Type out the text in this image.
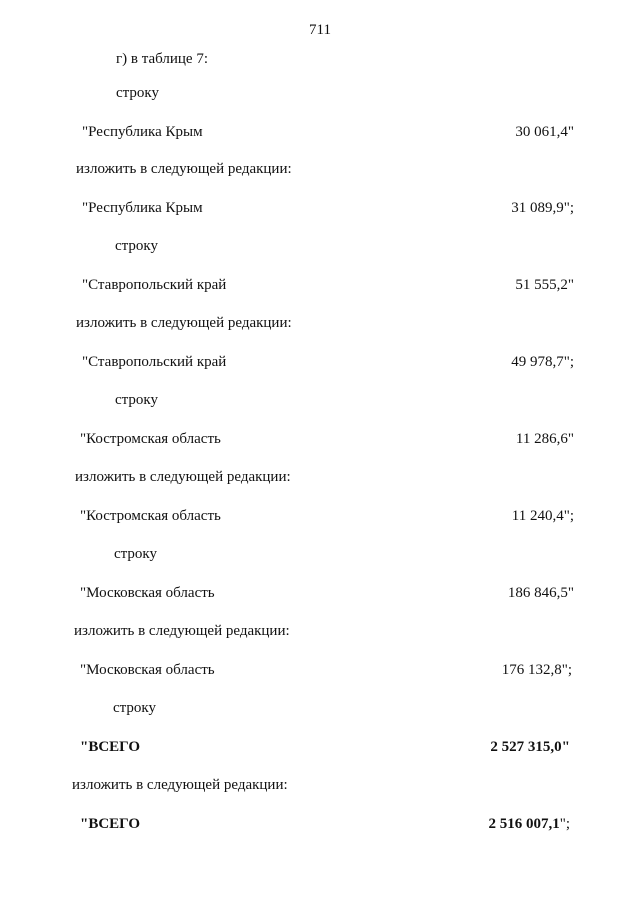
711
г) в таблице 7:
строку
"Республика Крым	30 061,4"
изложить в следующей редакции:
"Республика Крым	31 089,9";
строку
"Ставропольский край	51 555,2"
изложить в следующей редакции:
"Ставропольский край	49 978,7";
строку
"Костромская область	11 286,6"
изложить в следующей редакции:
"Костромская область	11 240,4";
строку
"Московская область	186 846,5"
изложить в следующей редакции:
"Московская область	176 132,8";
строку
"ВСЕГО	2 527 315,0"
изложить в следующей редакции:
"ВСЕГО	2 516 007,1";
